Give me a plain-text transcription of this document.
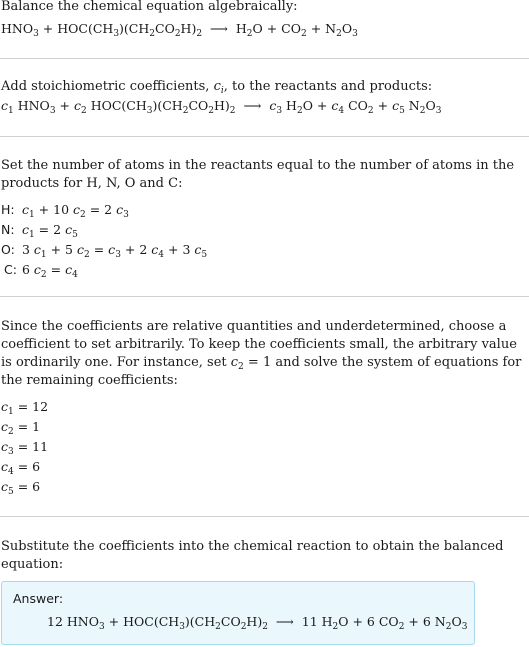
Balance the chemical equation algebraically:
$HNO_3 + HOC(CH_3)(CH_2CO_2H)_2$  ⟶  $H_2O + CO_2 + N_2O_3$
Add stoichiometric coefficients, $c_i$, to the reactants and products:
$c_1$ $HNO_3 + c_2$ $HOC(CH_3)(CH_2CO_2H)_2$  ⟶  $c_3$ $H_2O + c_4$ $CO_2 + c_5$ $N_2O_3$
Set the number of atoms in the reactants equal to the number of atoms in the products for H, N, O and C:
H:	$c_1 + 10$ $c_2 = 2$ $c_3$
N:	$c_1 = 2$ $c_5$
O:	3 $c_1 + 5$ $c_2 = c_3 + 2$ $c_4 + 3$ $c_5$
C:	6 $c_2 = c_4$
Since the coefficients are relative quantities and underdetermined, choose a coefficient to set arbitrarily. To keep the coefficients small, the arbitrary value is ordinarily one. For instance, set $c_2 = 1$ and solve the system of equations for the remaining coefficients:
$c_1 = 12$
$c_2 = 1$
$c_3 = 11$
$c_4 = 6$
$c_5 = 6$
Substitute the coefficients into the chemical reaction to obtain the balanced equation:
Answer:
12 $HNO_3 + HOC(CH_3)(CH_2CO_2H)_2$  ⟶  11 $H_2O + 6$ $CO_2 + 6$ $N_2O_3$
